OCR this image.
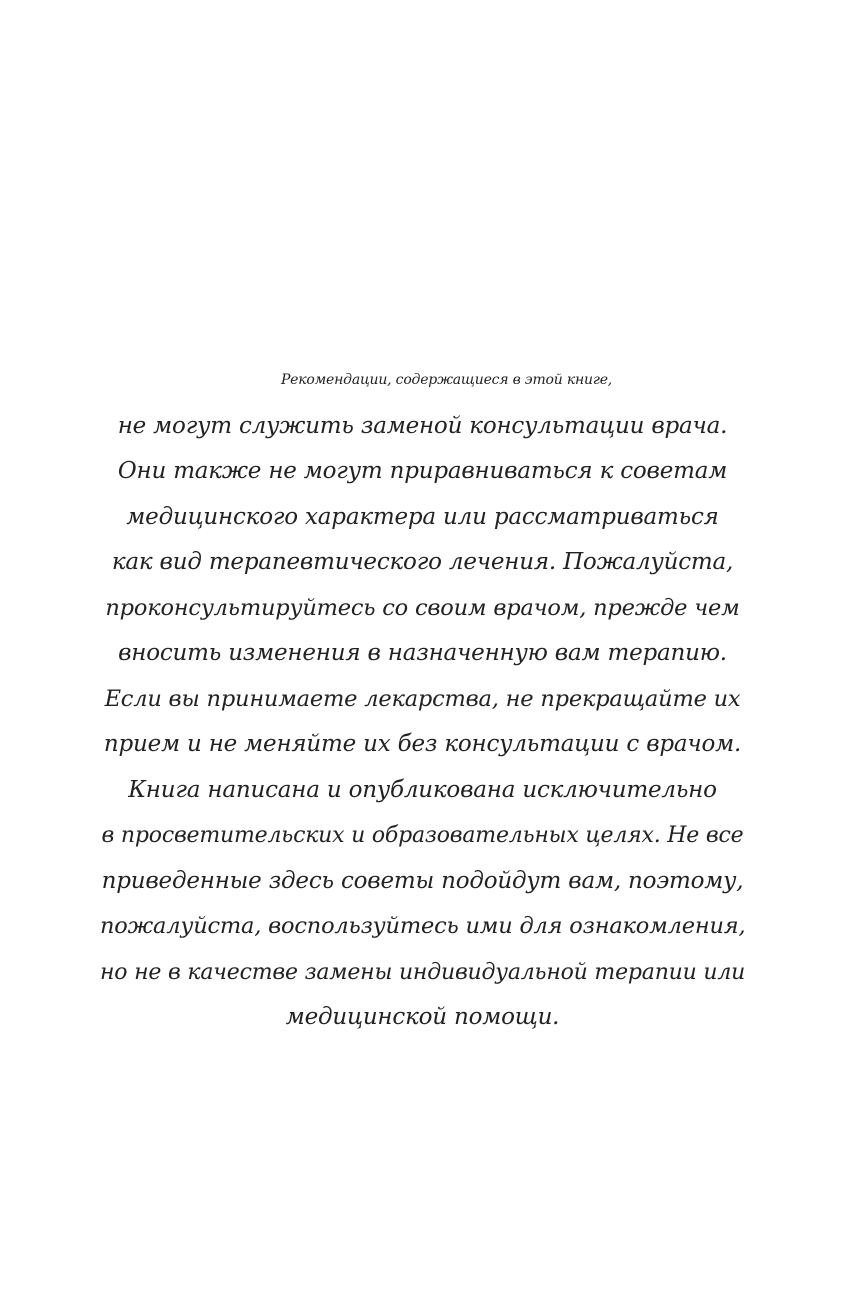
Рекомендации, содержащиеся в этой книге,
не могут служить заменой консультации врача.
Они также не могут приравниваться к советам
медицинского характера или рассматриваться
как вид терапевтического лечения. Пожалуйста,
проконсультируйтесь со своим врачом, прежде чем
вносить изменения в назначенную вам терапию.
Если вы принимаете лекарства, не прекращайте их
прием и не меняйте их без консультации с врачом.
Книга написана и опубликована исключительно
в просветительских и образовательных целях. Не все
приведенные здесь советы подойдут вам, поэтому,
пожалуйста, воспользуйтесь ими для ознакомления,
но не в качестве замены индивидуальной терапии или
медицинской помощи.
